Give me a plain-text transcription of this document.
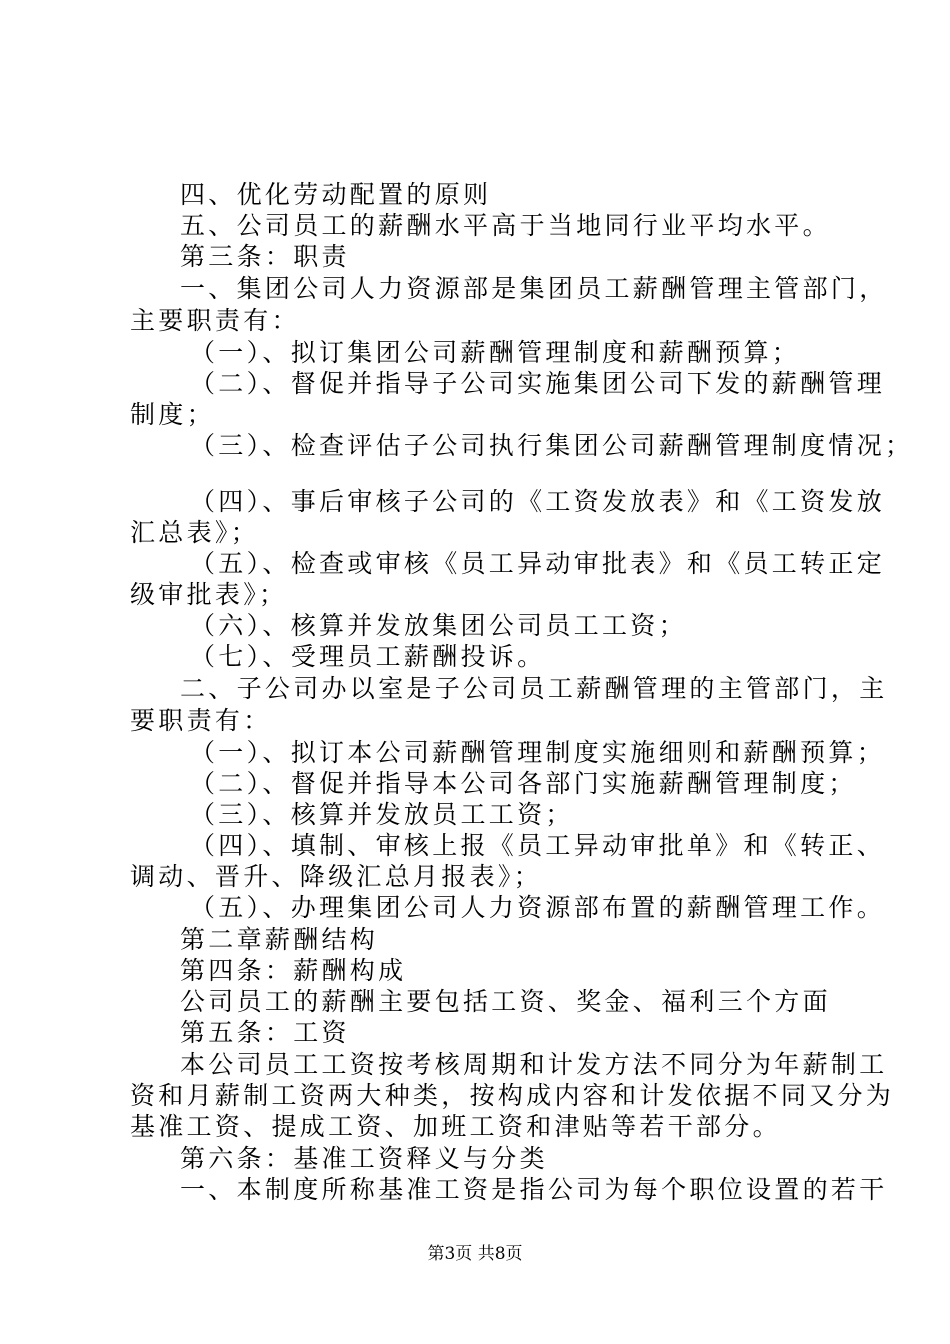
四、优化劳动配置的原则
五、公司员工的薪酬水平高于当地同行业平均水平。
第三条：职责
一、集团公司人力资源部是集团员工薪酬管理主管部门，
主要职责有：
（一）、拟订集团公司薪酬管理制度和薪酬预算；
（二）、督促并指导子公司实施集团公司下发的薪酬管理
制度；
（三）、检查评估子公司执行集团公司薪酬管理制度情况；
（四）、事后审核子公司的《工资发放表》和《工资发放
汇总表》；
（五）、检查或审核《员工异动审批表》和《员工转正定
级审批表》；
（六）、核算并发放集团公司员工工资；
（七）、受理员工薪酬投诉。
二、子公司办以室是子公司员工薪酬管理的主管部门，主
要职责有：
（一）、拟订本公司薪酬管理制度实施细则和薪酬预算；
（二）、督促并指导本公司各部门实施薪酬管理制度；
（三）、核算并发放员工工资；
（四）、填制、审核上报《员工异动审批单》和《转正、
调动、晋升、降级汇总月报表》；
（五）、办理集团公司人力资源部布置的薪酬管理工作。
第二章薪酬结构
第四条：薪酬构成
公司员工的薪酬主要包括工资、奖金、福利三个方面
第五条：工资
本公司员工工资按考核周期和计发方法不同分为年薪制工
资和月薪制工资两大种类，按构成内容和计发依据不同又分为
基准工资、提成工资、加班工资和津贴等若干部分。
第六条：基准工资释义与分类
一、本制度所称基准工资是指公司为每个职位设置的若干
第3页 共8页
